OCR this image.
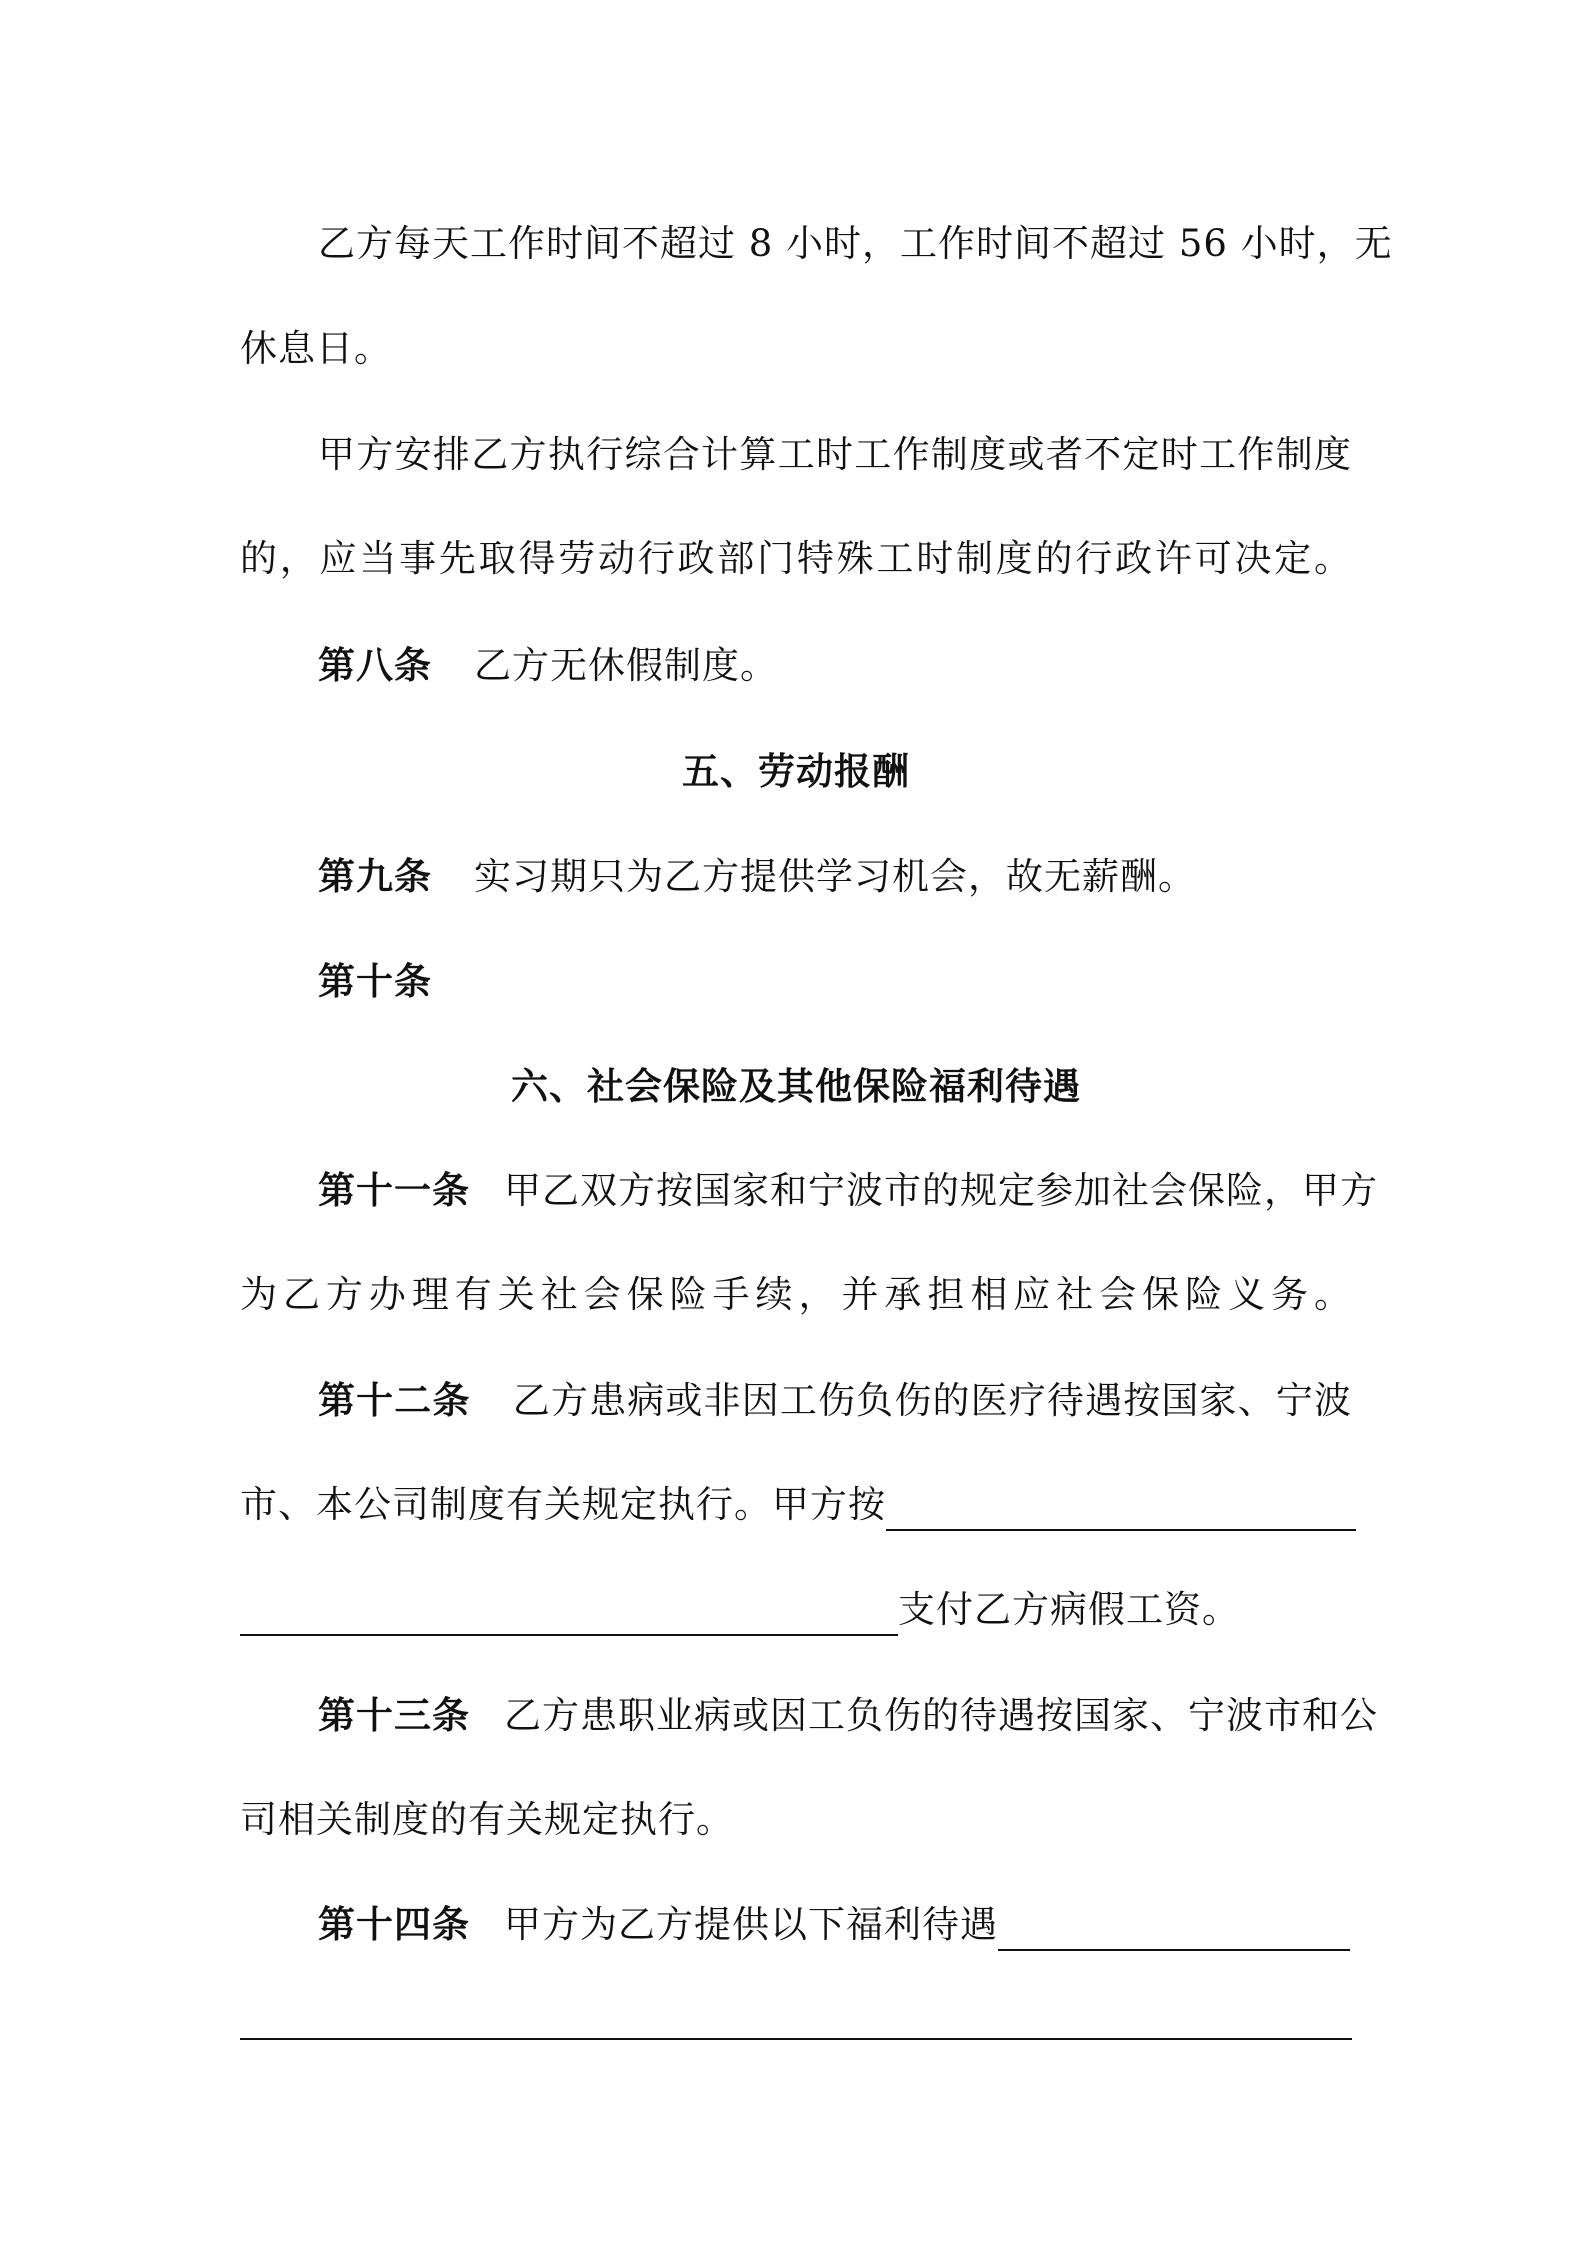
乙方每天工作时间不超过 8 小时，工作时间不超过 56 小时，无
休息日。
甲方安排乙方执行综合计算工时工作制度或者不定时工作制度
的，应当事先取得劳动行政部门特殊工时制度的行政许可决定。
第八条 乙方无休假制度。
五、劳动报酬
第九条 实习期只为乙方提供学习机会，故无薪酬。
第十条
六、社会保险及其他保险福利待遇
第十一条 甲乙双方按国家和宁波市的规定参加社会保险，甲方
为乙方办理有关社会保险手续，并承担相应社会保险义务。
第十二条 乙方患病或非因工伤负伤的医疗待遇按国家、宁波
市、本公司制度有关规定执行。甲方按
支付乙方病假工资。
第十三条 乙方患职业病或因工负伤的待遇按国家、宁波市和公
司相关制度的有关规定执行。
第十四条 甲方为乙方提供以下福利待遇
